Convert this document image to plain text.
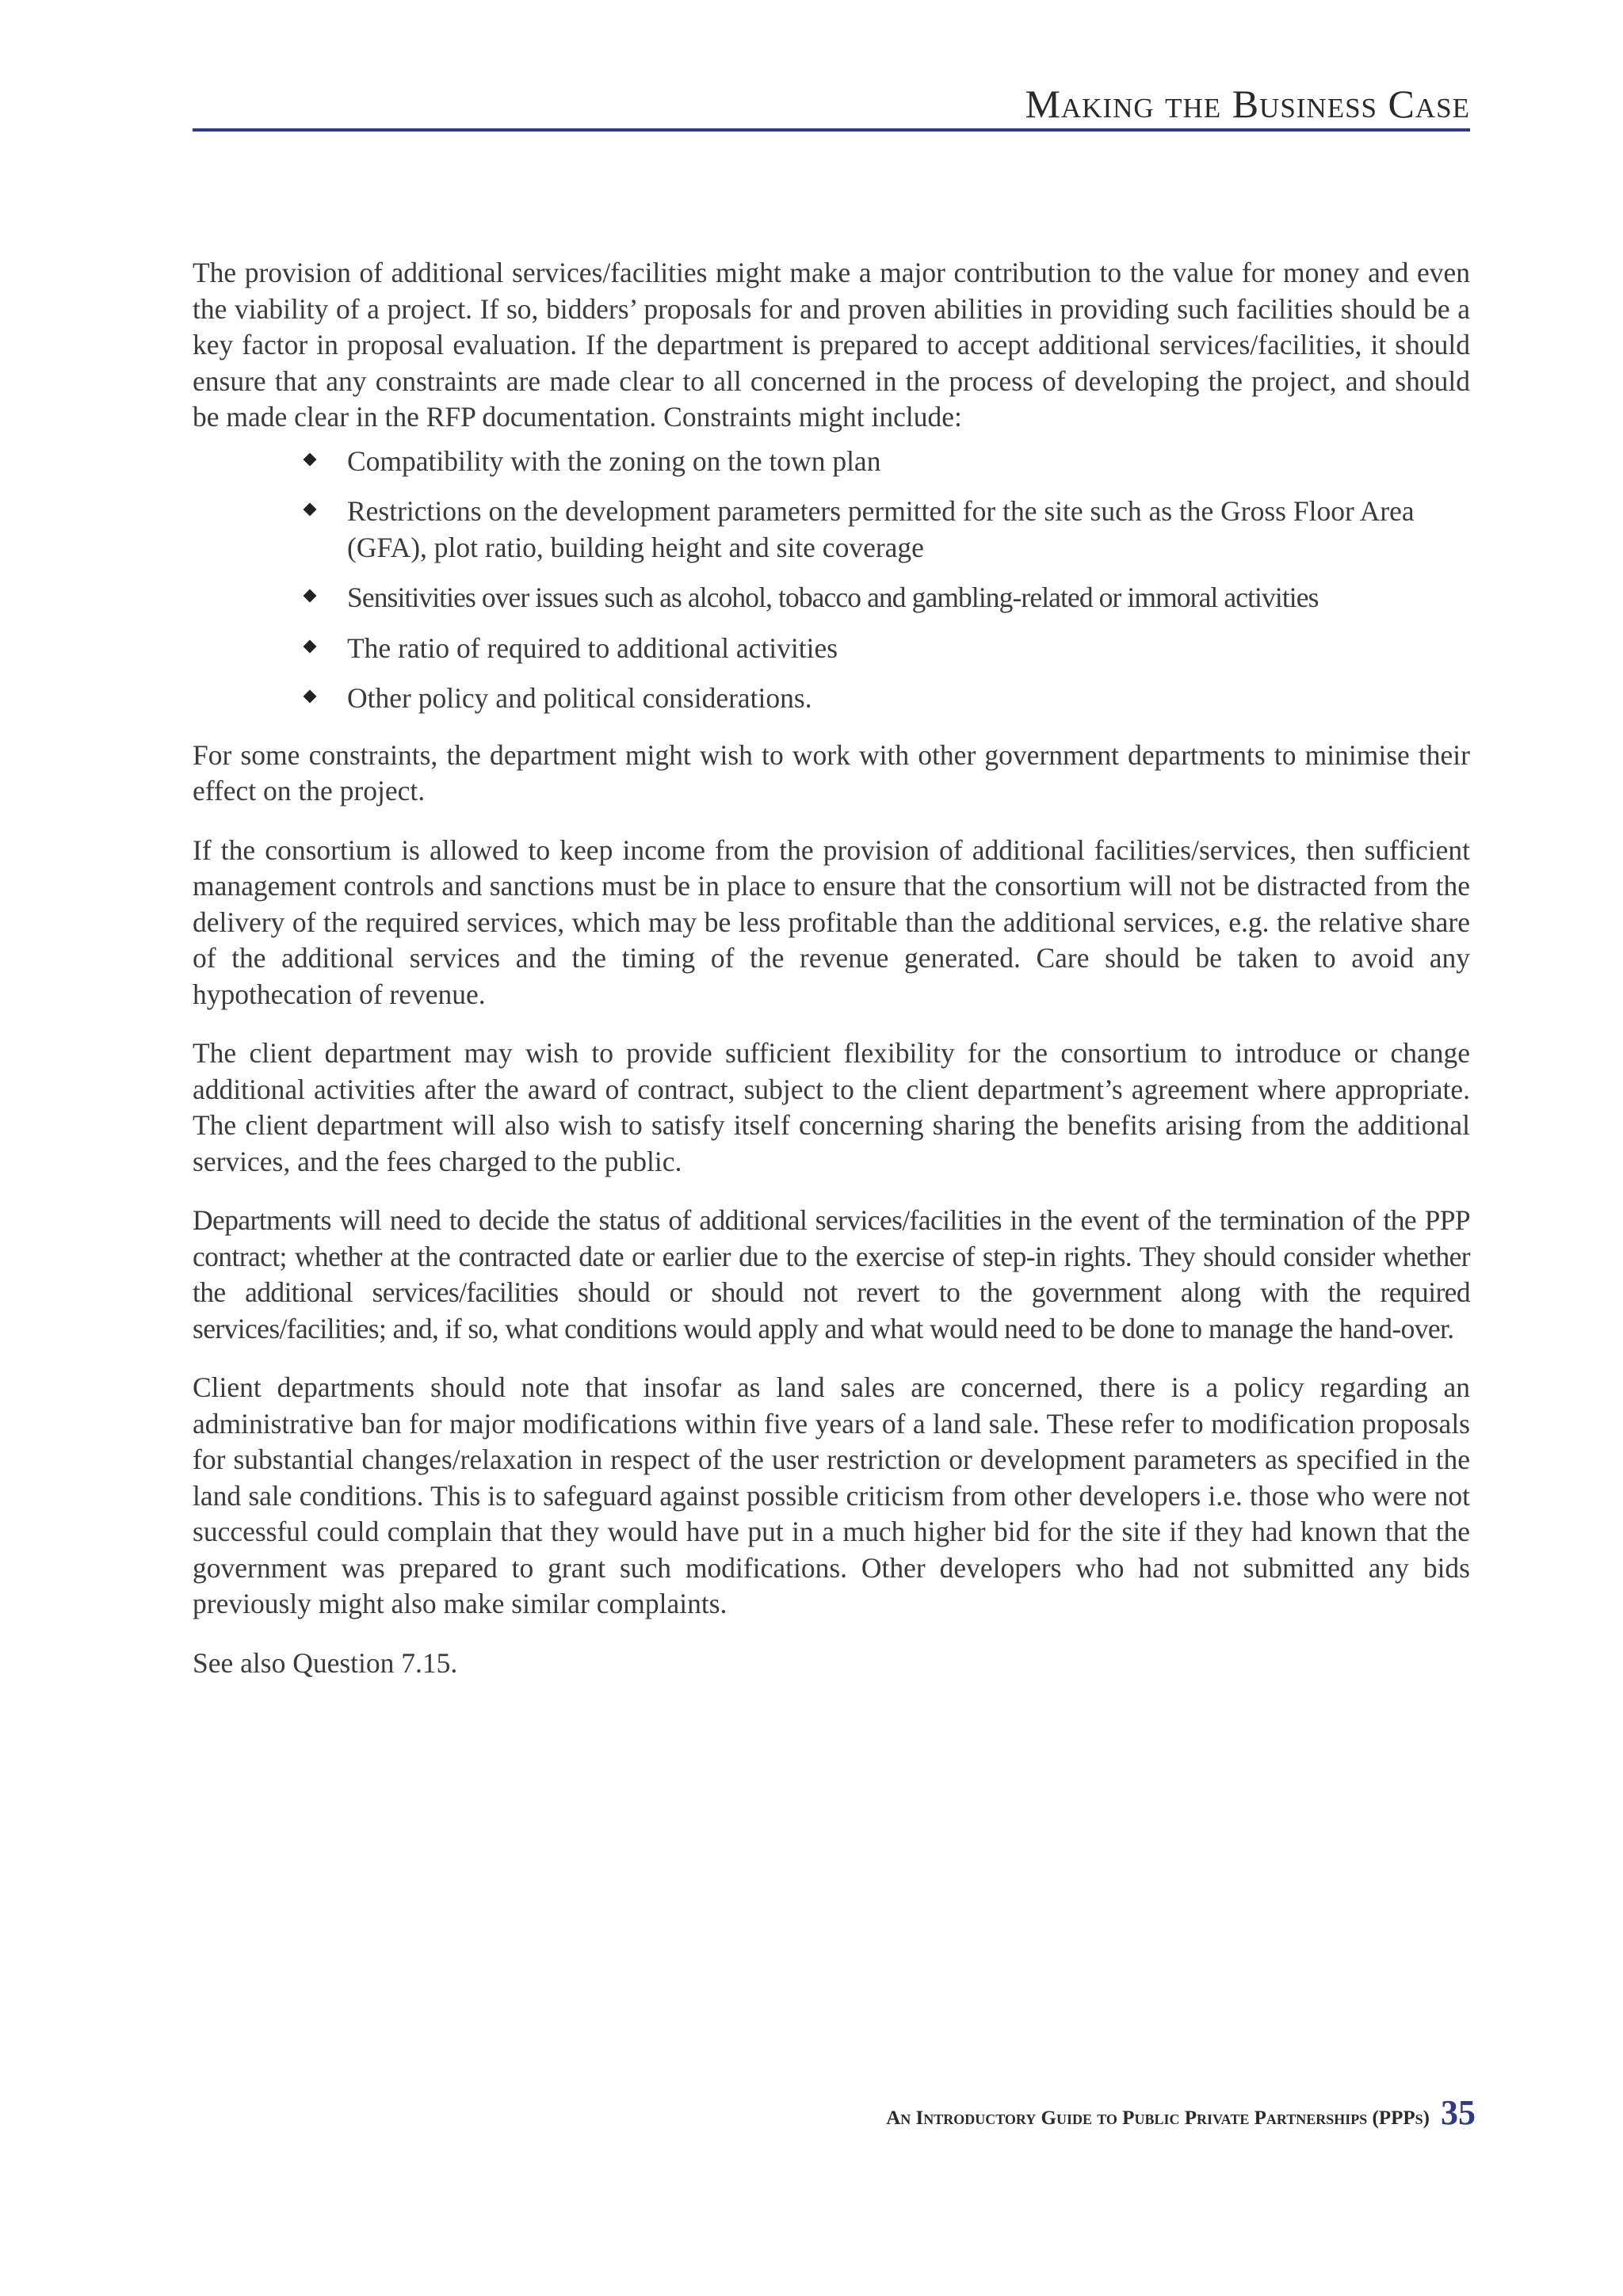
Making the Business Case

The provision of additional services/facilities might make a major contribution to the value for money and even the viability of a project. If so, bidders’ proposals for and proven abilities in providing such facilities should be a key factor in proposal evaluation. If the department is prepared to accept additional services/facilities, it should ensure that any constraints are made clear to all concerned in the process of developing the project, and should be made clear in the RFP documentation. Constraints might include:

Compatibility with the zoning on the town plan
Restrictions on the development parameters permitted for the site such as the Gross Floor Area (GFA), plot ratio, building height and site coverage
Sensitivities over issues such as alcohol, tobacco and gambling-related or immoral activities
The ratio of required to additional activities
Other policy and political considerations.

For some constraints, the department might wish to work with other government departments to minimise their effect on the project.

If the consortium is allowed to keep income from the provision of additional facilities/services, then sufficient management controls and sanctions must be in place to ensure that the consortium will not be distracted from the delivery of the required services, which may be less profitable than the additional services, e.g. the relative share of the additional services and the timing of the revenue generated. Care should be taken to avoid any hypothecation of revenue.

The client department may wish to provide sufficient flexibility for the consortium to introduce or change additional activities after the award of contract, subject to the client department’s agreement where appropriate. The client department will also wish to satisfy itself concerning sharing the benefits arising from the additional services, and the fees charged to the public.

Departments will need to decide the status of additional services/facilities in the event of the termination of the PPP contract; whether at the contracted date or earlier due to the exercise of step-in rights. They should consider whether the additional services/facilities should or should not revert to the government along with the required services/facilities; and, if so, what conditions would apply and what would need to be done to manage the hand-over.

Client departments should note that insofar as land sales are concerned, there is a policy regarding an administrative ban for major modifications within five years of a land sale. These refer to modification proposals for substantial changes/relaxation in respect of the user restriction or development parameters as specified in the land sale conditions. This is to safeguard against possible criticism from other developers i.e. those who were not successful could complain that they would have put in a much higher bid for the site if they had known that the government was prepared to grant such modifications. Other developers who had not submitted any bids previously might also make similar complaints.

See also Question 7.15.

An Introductory Guide to Public Private Partnerships (PPPs) 35
